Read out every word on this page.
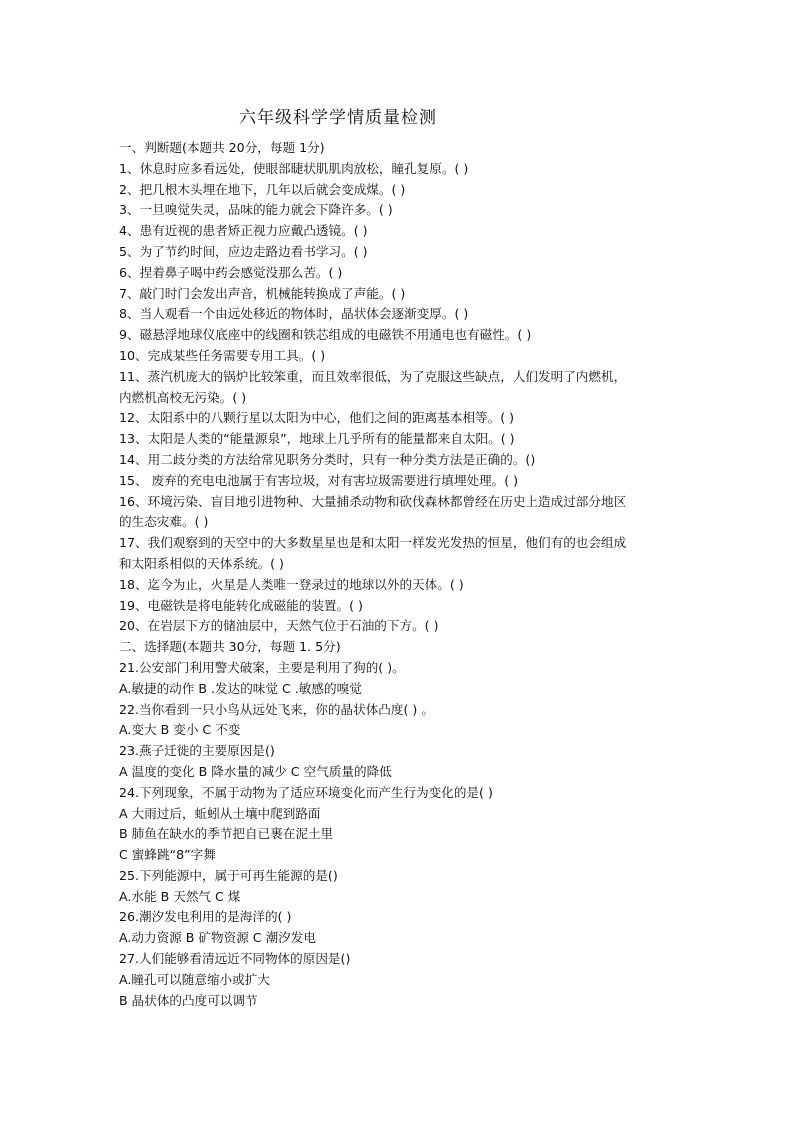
六年级科学学情质量检测
一、判断题(本题共 20分，每题 1分)
1、休息时应多看远处，使眼部睫状肌肌肉放松，瞳孔复原。( )
2、把几根木头埋在地下，几年以后就会变成煤。( )
3、一旦嗅觉失灵，品味的能力就会下降许多。( )
4、患有近视的患者矫正视力应戴凸透镜。( )
5、为了节约时间，应边走路边看书学习。( )
6、捏着鼻子喝中药会感觉没那么苦。( )
7、敲门时门会发出声音，机械能转换成了声能。( )
8、当人观看一个由远处移近的物体时，晶状体会逐渐变厚。( )
9、磁悬浮地球仪底座中的线圈和铁芯组成的电磁铁不用通电也有磁性。( )
10、完成某些任务需要专用工具。( )
11、蒸汽机庞大的锅炉比较笨重，而且效率很低，为了克服这些缺点，人们发明了内燃机，
内燃机高校无污染。( )
12、太阳系中的八颗行星以太阳为中心，他们之间的距离基本相等。( )
13、太阳是人类的“能量源泉”，地球上几乎所有的能量都来自太阳。( )
14、用二歧分类的方法给常见职务分类时，只有一种分类方法是正确的。()
15、 废弃的充电电池属于有害垃圾，对有害垃圾需要进行填埋处理。( )
16、环境污染、盲目地引进物种、大量捕杀动物和砍伐森林都曾经在历史上造成过部分地区
的生态灾难。( )
17、我们观察到的天空中的大多数星星也是和太阳一样发光发热的恒星，他们有的也会组成
和太阳系相似的天体系统。( )
18、迄今为止，火星是人类唯一登录过的地球以外的天体。( )
19、电磁铁是将电能转化成磁能的装置。( )
20、在岩层下方的储油层中，天然气位于石油的下方。( )
二、选择题(本题共 30分，每题 1. 5分)
21.公安部门利用警犬破案，主要是利用了狗的( )。
A.敏捷的动作 B .发达的味觉 C .敏感的嗅觉
22.当你看到一只小鸟从远处飞来，你的晶状体凸度( ) 。
A.变大 B 变小 C 不变
23.燕子迁徙的主要原因是()
A 温度的变化 B 降水量的减少 C 空气质量的降低
24.下列现象，不属于动物为了适应环境变化而产生行为变化的是( )
A 大雨过后，蚯蚓从土壤中爬到路面
B 肺鱼在缺水的季节把自已裹在泥土里
C 蜜蜂跳“8”字舞
25.下列能源中，属于可再生能源的是()
A.水能 B 天然气 C 煤
26.潮汐发电利用的是海洋的( )
A.动力资源 B 矿物资源 C 潮汐发电
27.人们能够看清远近不同物体的原因是()
A.瞳孔可以随意缩小或扩大
B 晶状体的凸度可以调节
